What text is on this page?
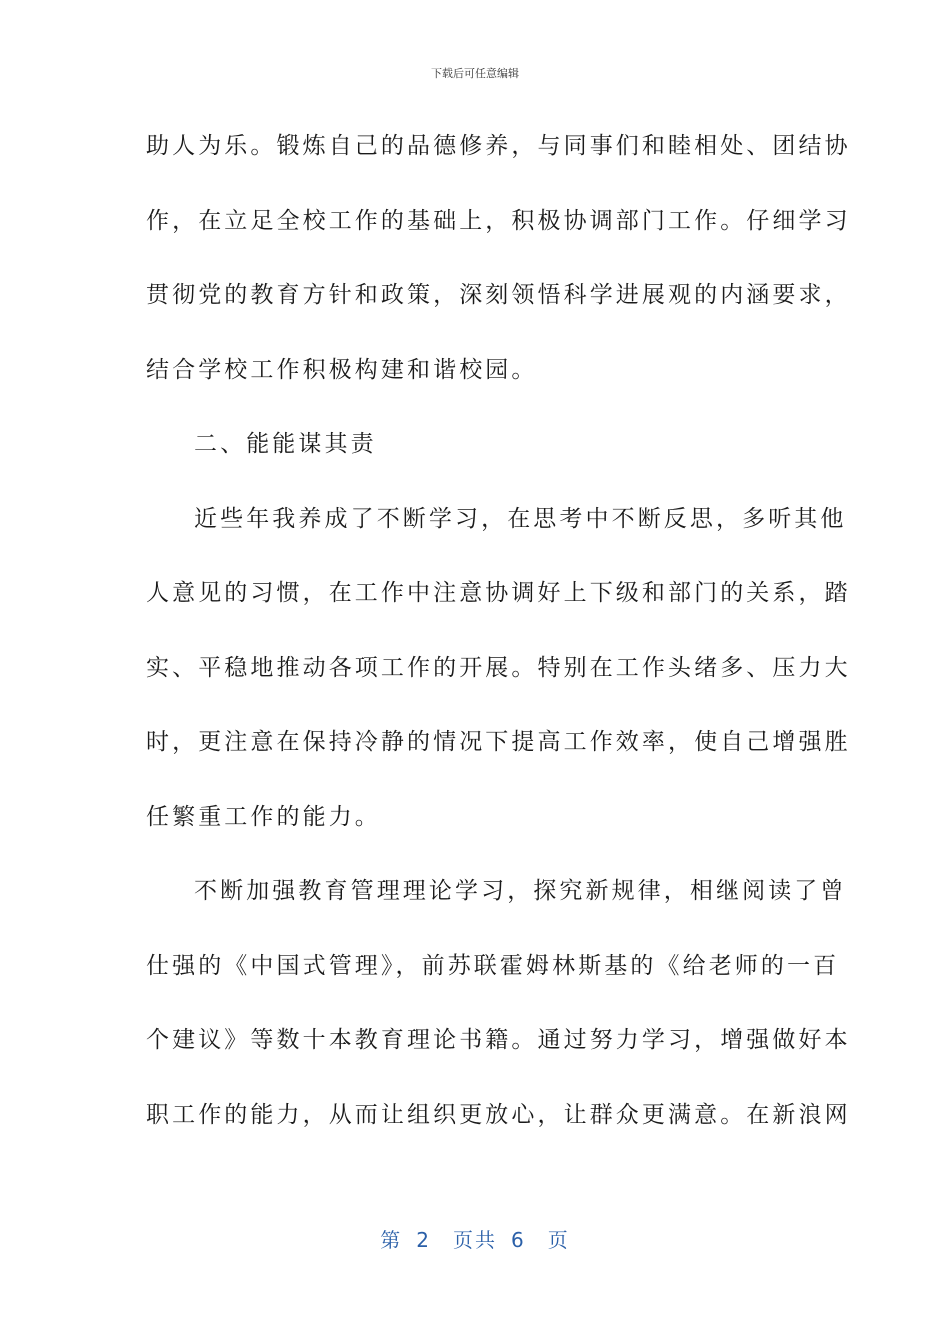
下载后可任意编辑
助人为乐。锻炼自己的品德修养，与同事们和睦相处、团结协
作，在立足全校工作的基础上，积极协调部门工作。仔细学习
贯彻党的教育方针和政策，深刻领悟科学进展观的内涵要求，
结合学校工作积极构建和谐校园。
二、能能谋其责
近些年我养成了不断学习，在思考中不断反思，多听其他
人意见的习惯，在工作中注意协调好上下级和部门的关系，踏
实、平稳地推动各项工作的开展。特别在工作头绪多、压力大
时，更注意在保持冷静的情况下提高工作效率，使自己增强胜
任繁重工作的能力。
不断加强教育管理理论学习，探究新规律，相继阅读了曾
仕强的《中国式管理》，前苏联霍姆林斯基的《给老师的一百
个建议》等数十本教育理论书籍。通过努力学习，增强做好本
职工作的能力，从而让组织更放心，让群众更满意。在新浪网
第 2 页共 6 页
